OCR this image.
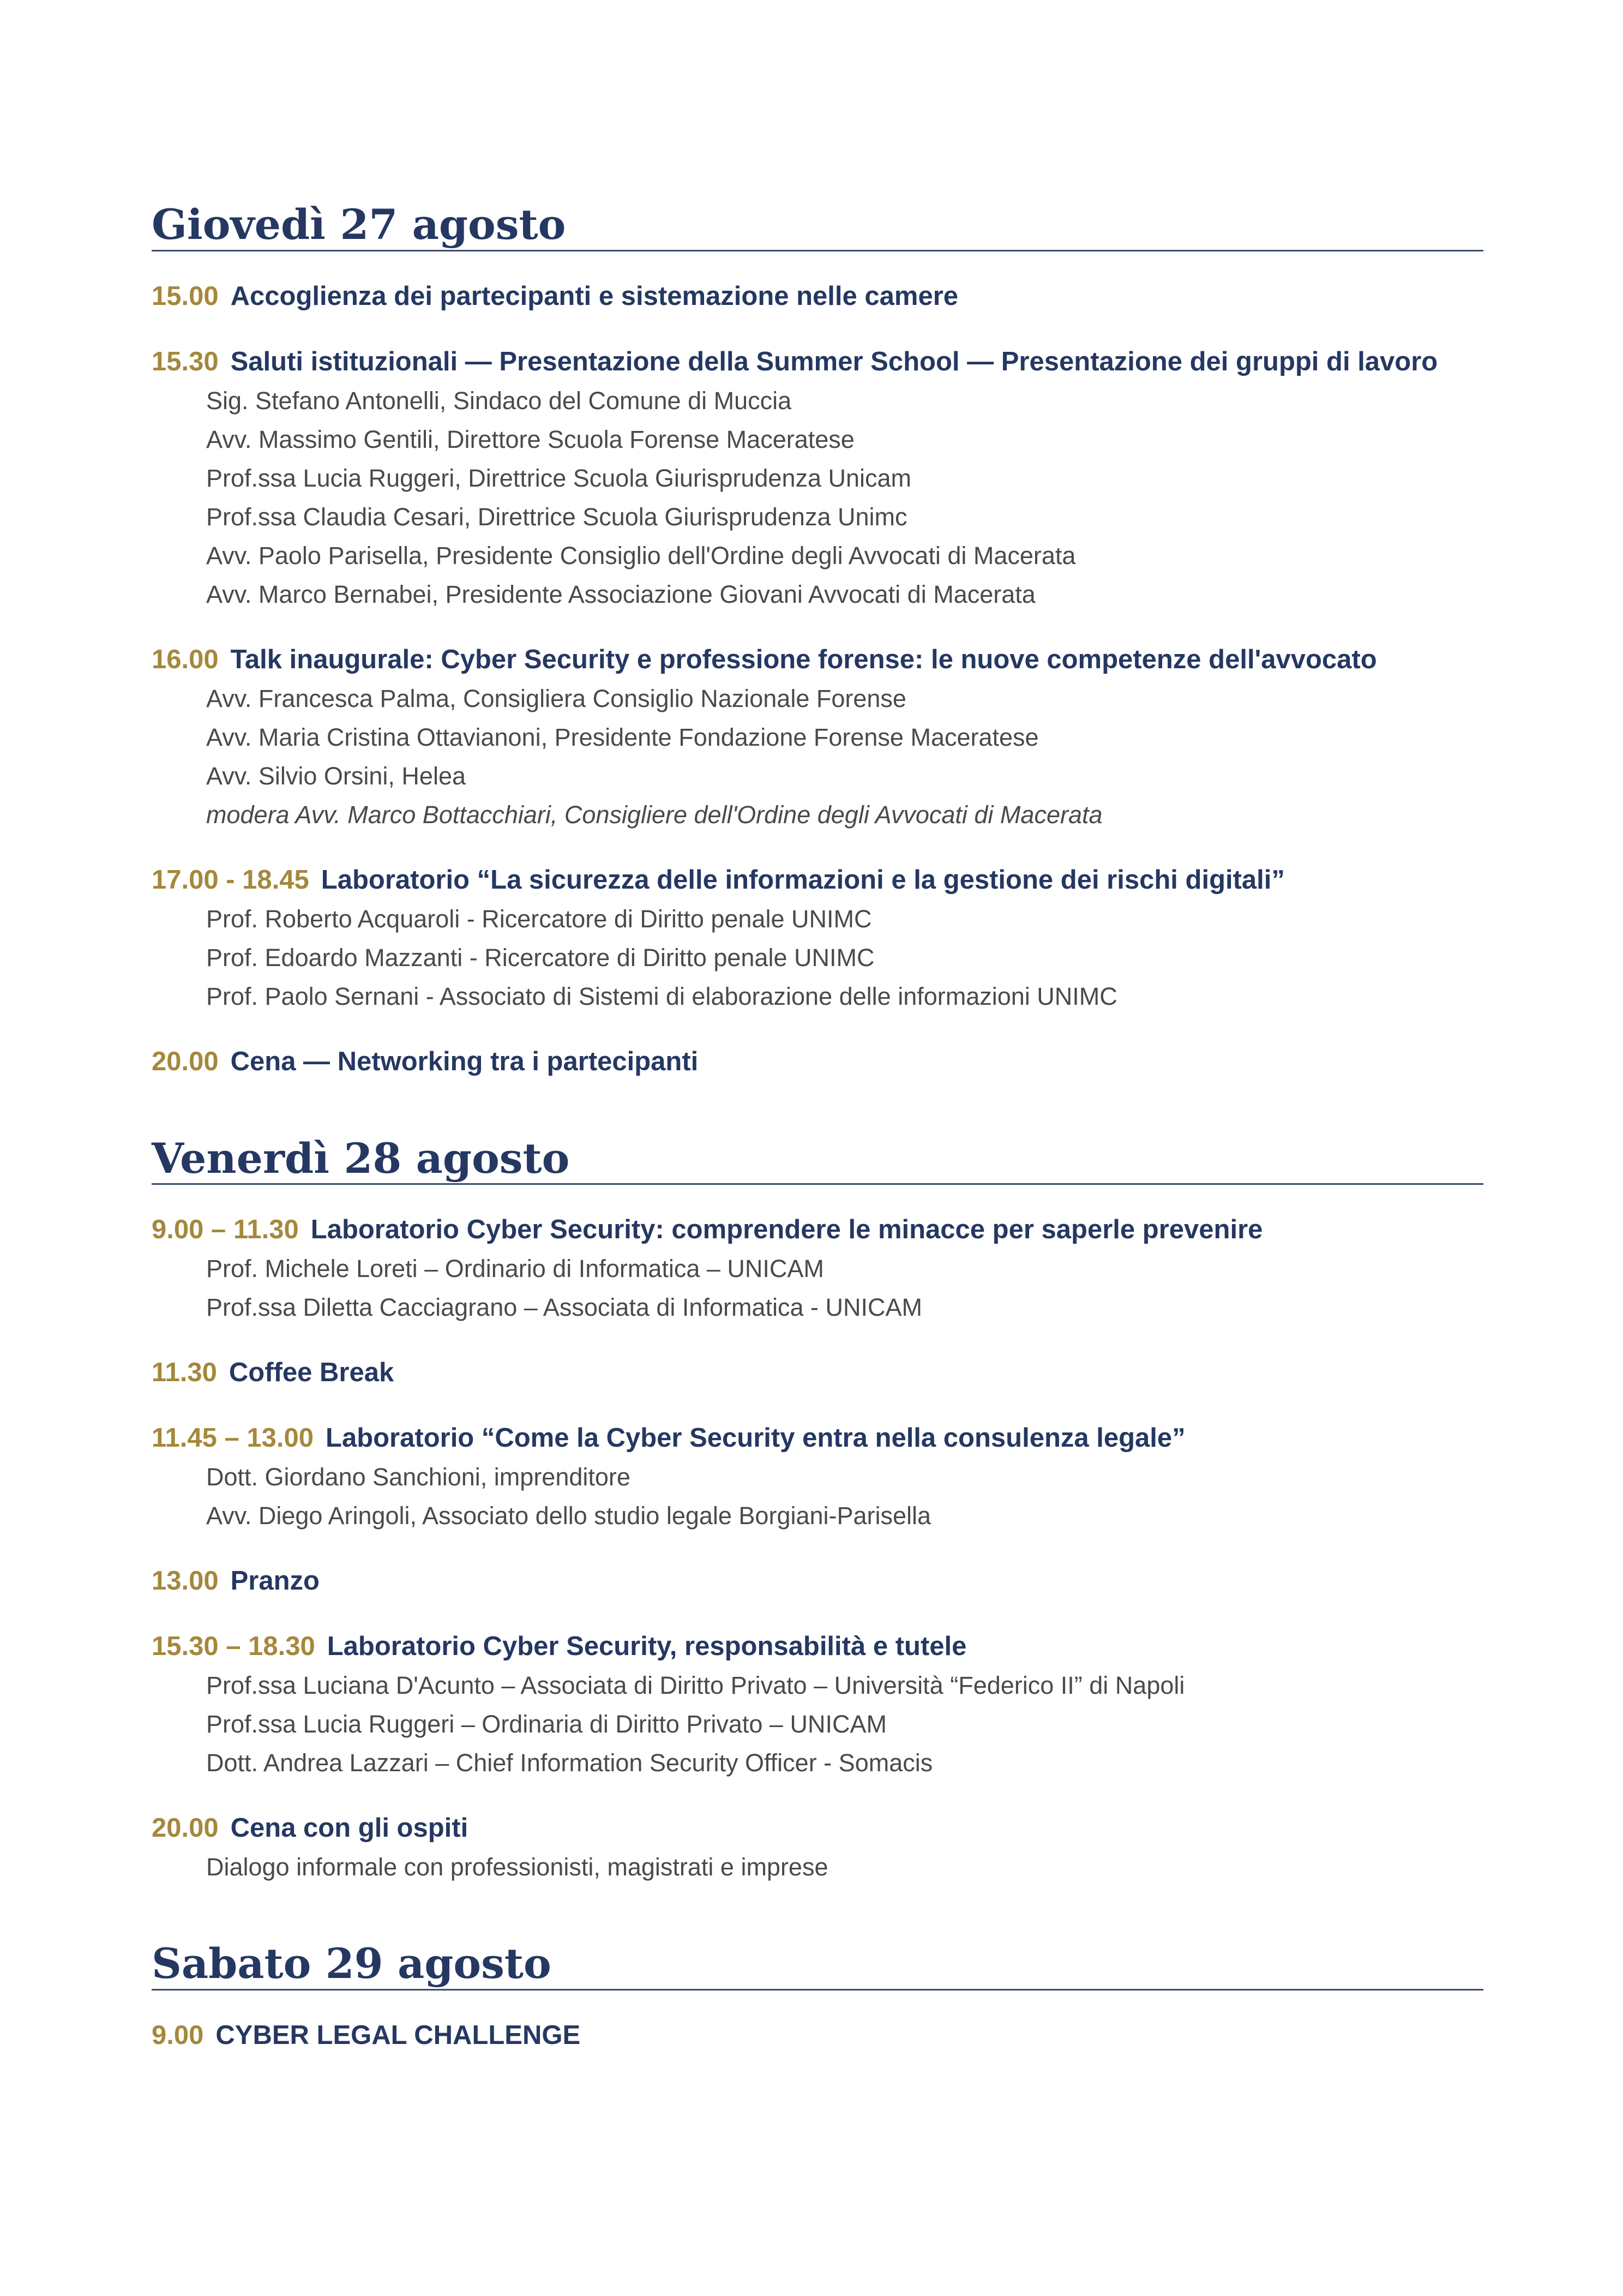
Giovedì 27 agosto
15.00 Accoglienza dei partecipanti e sistemazione nelle camere
15.30 Saluti istituzionali — Presentazione della Summer School — Presentazione dei gruppi di lavoro
Sig. Stefano Antonelli, Sindaco del Comune di Muccia
Avv. Massimo Gentili, Direttore Scuola Forense Maceratese
Prof.ssa Lucia Ruggeri, Direttrice Scuola Giurisprudenza Unicam
Prof.ssa Claudia Cesari, Direttrice Scuola Giurisprudenza Unimc
Avv. Paolo Parisella, Presidente Consiglio dell'Ordine degli Avvocati di Macerata
Avv. Marco Bernabei, Presidente Associazione Giovani Avvocati di Macerata
16.00 Talk inaugurale: Cyber Security e professione forense: le nuove competenze dell'avvocato
Avv. Francesca Palma, Consigliera Consiglio Nazionale Forense
Avv. Maria Cristina Ottavianoni, Presidente Fondazione Forense Maceratese
Avv. Silvio Orsini, Helea
modera Avv. Marco Bottacchiari, Consigliere dell'Ordine degli Avvocati di Macerata
17.00 - 18.45 Laboratorio “La sicurezza delle informazioni e la gestione dei rischi digitali”
Prof. Roberto Acquaroli - Ricercatore di Diritto penale UNIMC
Prof. Edoardo Mazzanti - Ricercatore di Diritto penale UNIMC
Prof. Paolo Sernani - Associato di Sistemi di elaborazione delle informazioni UNIMC
20.00 Cena — Networking tra i partecipanti
Venerdì 28 agosto
9.00 – 11.30 Laboratorio Cyber Security: comprendere le minacce per saperle prevenire
Prof. Michele Loreti – Ordinario di Informatica – UNICAM
Prof.ssa Diletta Cacciagrano – Associata di Informatica - UNICAM
11.30 Coffee Break
11.45 – 13.00 Laboratorio “Come la Cyber Security entra nella consulenza legale”
Dott. Giordano Sanchioni, imprenditore
Avv. Diego Aringoli, Associato dello studio legale Borgiani-Parisella
13.00 Pranzo
15.30 – 18.30 Laboratorio Cyber Security, responsabilità e tutele
Prof.ssa Luciana D'Acunto – Associata di Diritto Privato – Università “Federico II” di Napoli
Prof.ssa Lucia Ruggeri – Ordinaria di Diritto Privato – UNICAM
Dott. Andrea Lazzari – Chief Information Security Officer - Somacis
20.00 Cena con gli ospiti
Dialogo informale con professionisti, magistrati e imprese
Sabato 29 agosto
9.00 CYBER LEGAL CHALLENGE
